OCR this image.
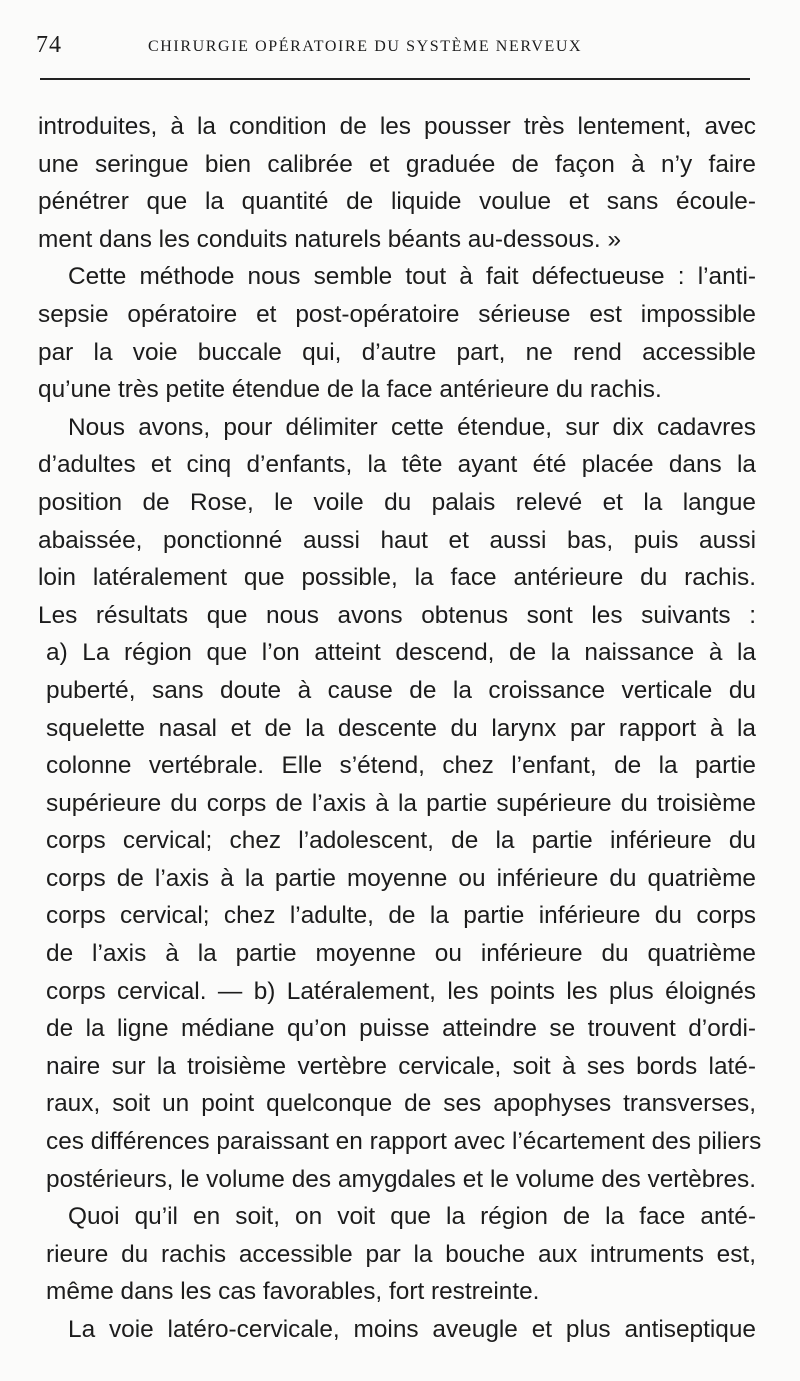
74	CHIRURGIE OPÉRATOIRE DU SYSTÈME NERVEUX
introduites, à la condition de les pousser très lentement, avec
une seringue bien calibrée et graduée de façon à n’y faire
pénétrer que la quantité de liquide voulue et sans écoule-
ment dans les conduits naturels béants au-dessous. »
Cette méthode nous semble tout à fait défectueuse : l’anti-
sepsie opératoire et post-opératoire sérieuse est impossible
par la voie buccale qui, d’autre part, ne rend accessible
qu’une très petite étendue de la face antérieure du rachis.
Nous avons, pour délimiter cette étendue, sur dix cadavres
d’adultes et cinq d’enfants, la tête ayant été placée dans la
position de Rose, le voile du palais relevé et la langue
abaissée, ponctionné aussi haut et aussi bas, puis aussi
loin latéralement que possible, la face antérieure du rachis.
Les résultats que nous avons obtenus sont les suivants :
a) La région que l’on atteint descend, de la naissance à la
puberté, sans doute à cause de la croissance verticale du
squelette nasal et de la descente du larynx par rapport à la
colonne vertébrale. Elle s’étend, chez l’enfant, de la partie
supérieure du corps de l’axis à la partie supérieure du troisième
corps cervical; chez l’adolescent, de la partie inférieure du
corps de l’axis à la partie moyenne ou inférieure du quatrième
corps cervical; chez l’adulte, de la partie inférieure du corps
de l’axis à la partie moyenne ou inférieure du quatrième
corps cervical. — b) Latéralement, les points les plus éloignés
de la ligne médiane qu’on puisse atteindre se trouvent d’ordi-
naire sur la troisième vertèbre cervicale, soit à ses bords laté-
raux, soit un point quelconque de ses apophyses transverses,
ces différences paraissant en rapport avec l’écartement des piliers
postérieurs, le volume des amygdales et le volume des vertèbres.
Quoi qu’il en soit, on voit que la région de la face anté-
rieure du rachis accessible par la bouche aux intruments est,
même dans les cas favorables, fort restreinte.
La voie latéro-cervicale, moins aveugle et plus antiseptique
